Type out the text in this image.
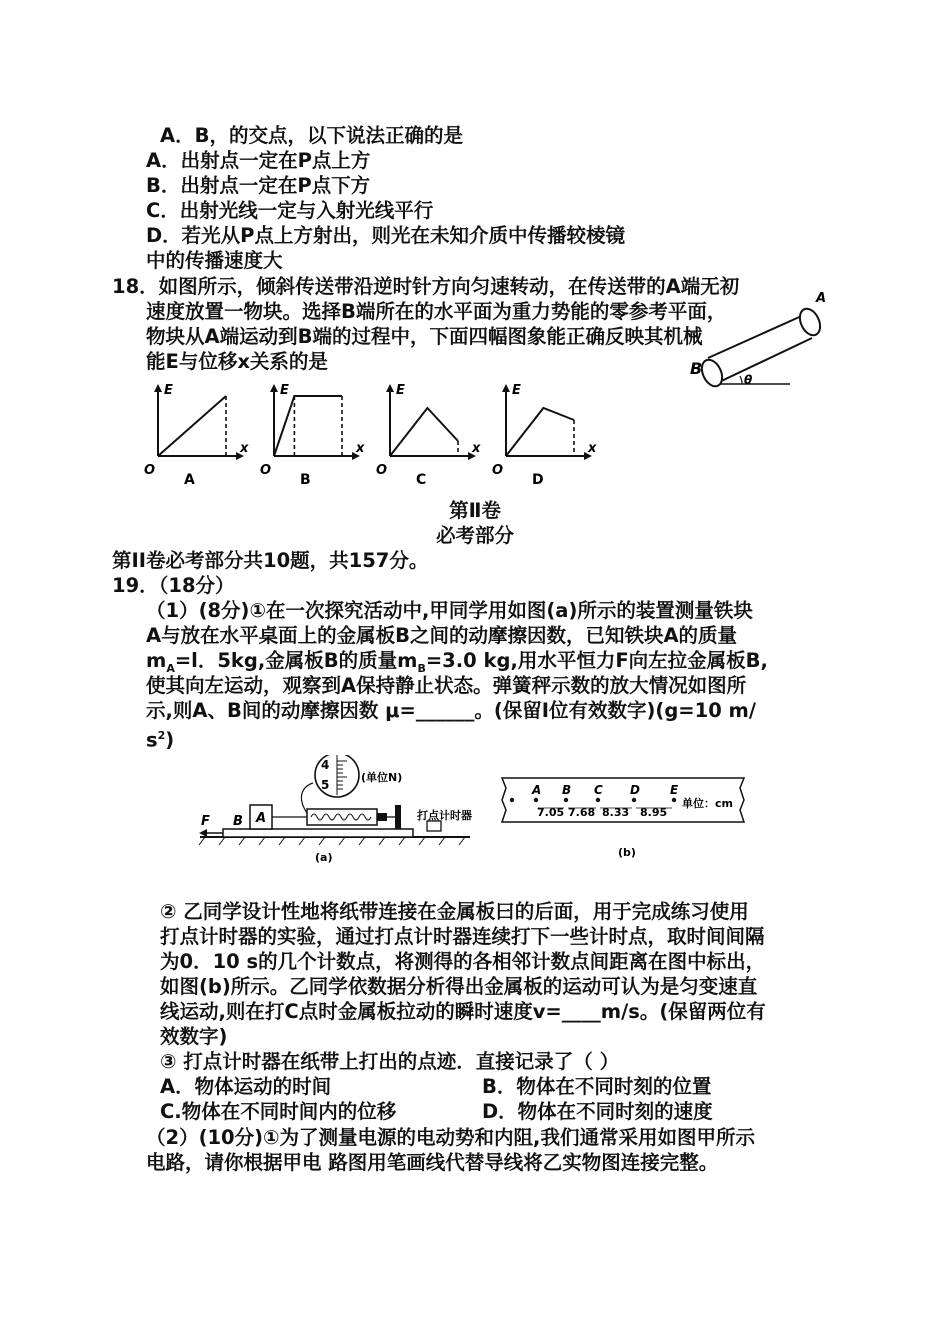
A．B，的交点，以下说法正确的是
A．出射点一定在P点上方
B．出射点一定在P点下方
C．出射光线一定与入射光线平行
D．若光从P点上方射出，则光在未知介质中传播较棱镜
中的传播速度大
18．如图所示，倾斜传送带沿逆时针方向匀速转动，在传送带的A端无初
速度放置一物块。选择B端所在的水平面为重力势能的零参考平面，
物块从A端运动到B端的过程中，下面四幅图象能正确反映其机械
能E与位移x关系的是
A
B
θ
E
x
O
A
E
x
O
B
E
x
O
C
E
x
O
D
第Ⅱ卷
必考部分
第II卷必考部分共10题，共157分。
19．（18分）
（1）(8分)①在一次探究活动中,甲同学用如图(a)所示的装置测量铁块
A与放在水平桌面上的金属板B之间的动摩擦因数，已知铁块A的质量
$m_A=l$．5kg,金属板B的质量$m_B=3.0$ kg,用水平恒力F向左拉金属板B,
使其向左运动，观察到A保持静止状态。弹簧秤示数的放大情况如图所
示,则A、B间的动摩擦因数 μ=______。(保留Ⅰ位有效数字)(g=10 m/
$s^2$)
F B A	打点计时器
4
5
(单位N)
(a)
A B C D	E
7.05 7.68 8.33 8.95
单位：cm
(b)
② 乙同学设计性地将纸带连接在金属板曰的后面，用于完成练习使用
打点计时器的实验，通过打点计时器连续打下一些计时点，取时间间隔
为0．10 s的几个计数点，将测得的各相邻计数点间距离在图中标出，
如图(b)所示。乙同学依数据分析得出金属板的运动可认为是匀变速直
线运动,则在打C点时金属板拉动的瞬时速度v=____m/s。(保留两位有
效数字)
③ 打点计时器在纸带上打出的点迹．直接记录了（ ）
A．物体运动的时间	B．物体在不同时刻的位置
C.物体在不同时间内的位移	D．物体在不同时刻的速度
（2）(10分)①为了测量电源的电动势和内阻,我们通常采用如图甲所示
电路，请你根据甲电 路图用笔画线代替导线将乙实物图连接完整。
